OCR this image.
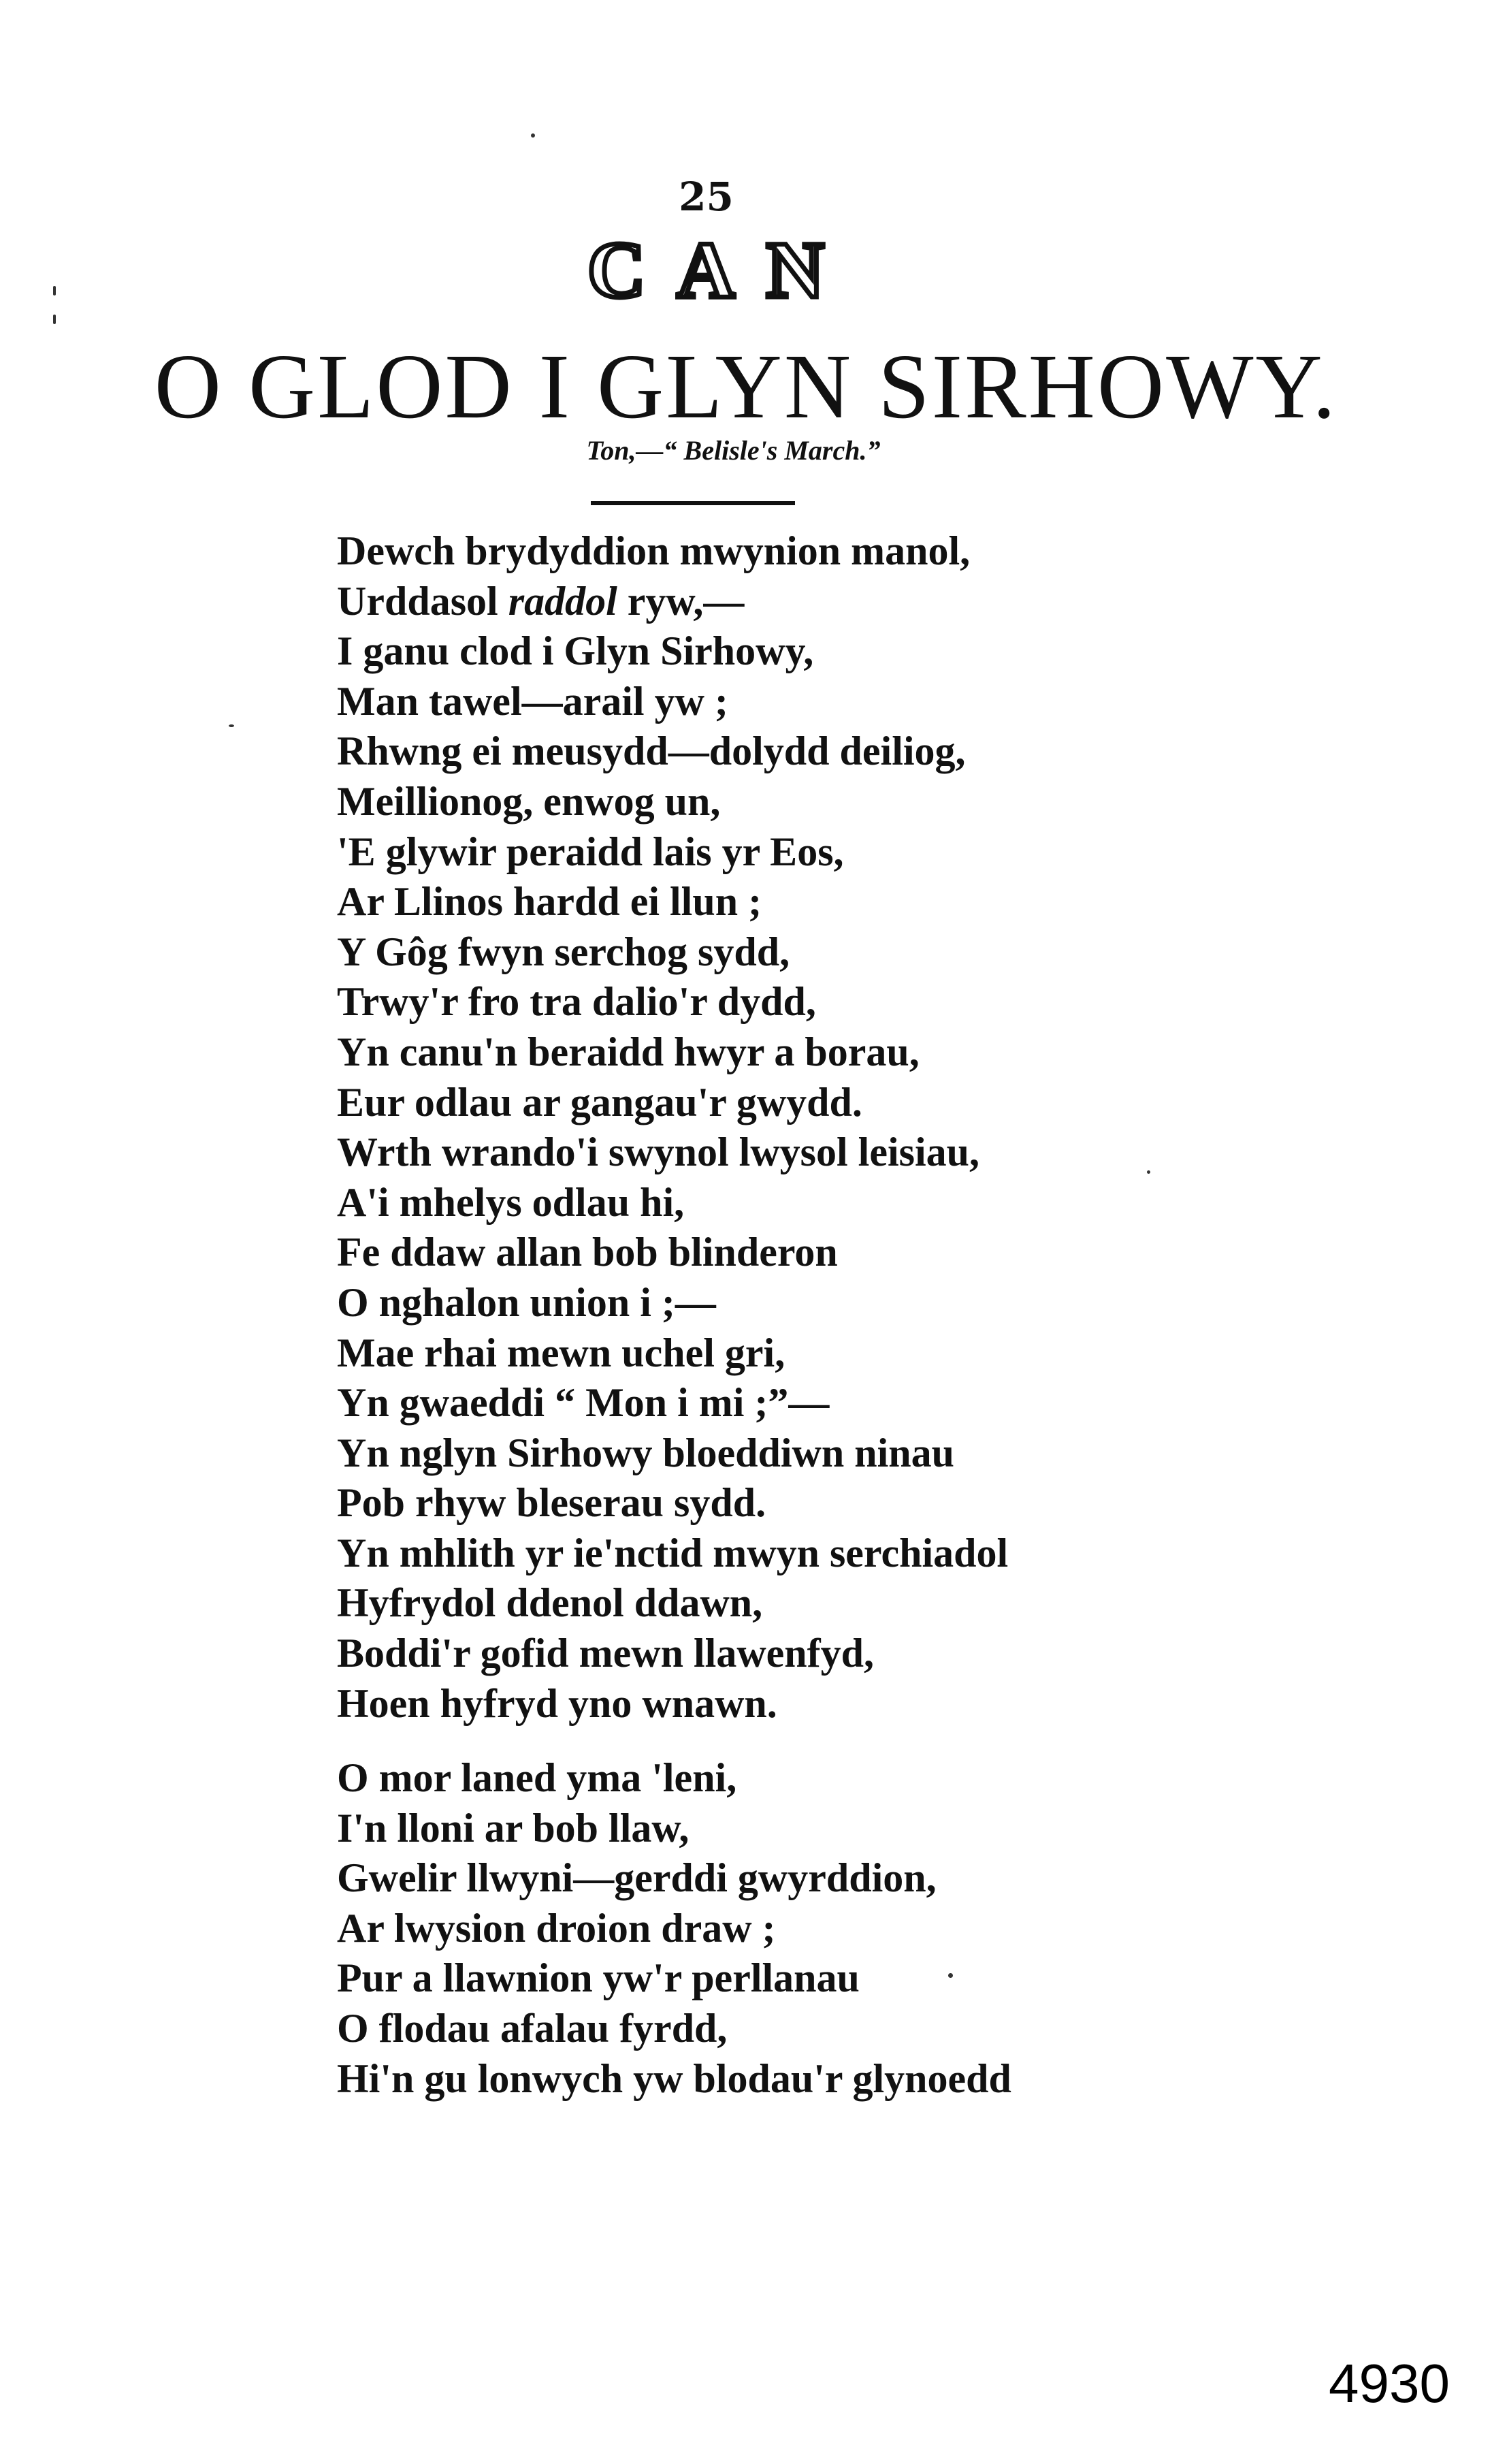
25
CAN
O GLOD I GLYN SIRHOWY.
Ton,—“ Belisle's March.”
Dewch brydyddion mwynion manol,
Urddasol raddol ryw,—
I ganu clod i Glyn Sirhowy,
Man tawel—arail yw ;
Rhwng ei meusydd—dolydd deiliog,
Meillionog, enwog un,
'E glywir peraidd lais yr Eos,
Ar Llinos hardd ei llun ;
Y Gôg fwyn serchog sydd,
Trwy'r fro tra dalio'r dydd,
Yn canu'n beraidd hwyr a borau,
Eur odlau ar gangau'r gwydd.
Wrth wrando'i swynol lwysol leisiau,
A'i mhelys odlau hi,
Fe ddaw allan bob blinderon
O nghalon union i ;—
Mae rhai mewn uchel gri,
Yn gwaeddi “ Mon i mi ;”—
Yn nglyn Sirhowy bloeddiwn ninau
Pob rhyw bleserau sydd.
Yn mhlith yr ie'nctid mwyn serchiadol
Hyfrydol ddenol ddawn,
Boddi'r gofid mewn llawenfyd,
Hoen hyfryd yno wnawn.
O mor laned yma 'leni,
I'n lloni ar bob llaw,
Gwelir llwyni—gerddi gwyrddion,
Ar lwysion droion draw ;
Pur a llawnion yw'r perllanau
O flodau afalau fyrdd,
Hi'n gu lonwych yw blodau'r glynoedd
4930
